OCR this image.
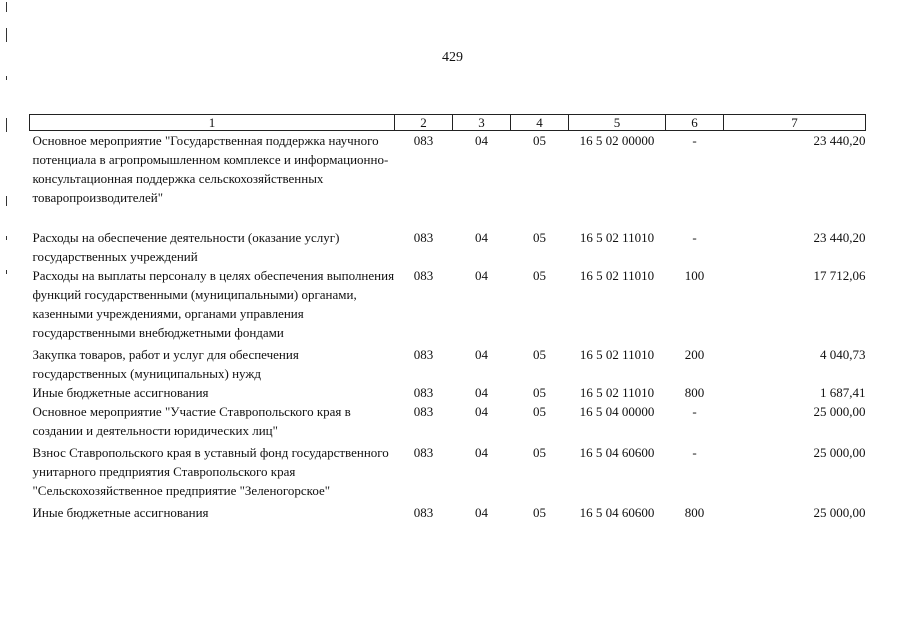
429
1	2	3	4	5	6	7
Основное мероприятие "Государственная поддержка научного потенциала в агропромышленном комплексе и информационно-консультационная поддержка сельскохозяйственных товаропроизводителей"	083	04	05	16 5 02 00000	-	23 440,20

Расходы на обеспечение деятельности (оказание услуг) государственных учреждений	083	04	05	16 5 02 11010	-	23 440,20
Расходы на выплаты персоналу в целях обеспечения выполнения функций государственными (муниципальными) органами, казенными учреждениями, органами управления государственными внебюджетными фондами	083	04	05	16 5 02 11010	100	17 712,06

Закупка товаров, работ и услуг для обеспечения государственных (муниципальных) нужд	083	04	05	16 5 02 11010	200	4 040,73
Иные бюджетные ассигнования	083	04	05	16 5 02 11010	800	1 687,41
Основное мероприятие "Участие Ставропольского края в создании и деятельности юридических лиц"	083	04	05	16 5 04 00000	-	25 000,00

Взнос Ставропольского края в уставный фонд государственного унитарного предприятия Ставропольского края "Сельскохозяйственное предприятие "Зеленогорское"	083	04	05	16 5 04 60600	-	25 000,00

Иные бюджетные ассигнования	083	04	05	16 5 04 60600	800	25 000,00
